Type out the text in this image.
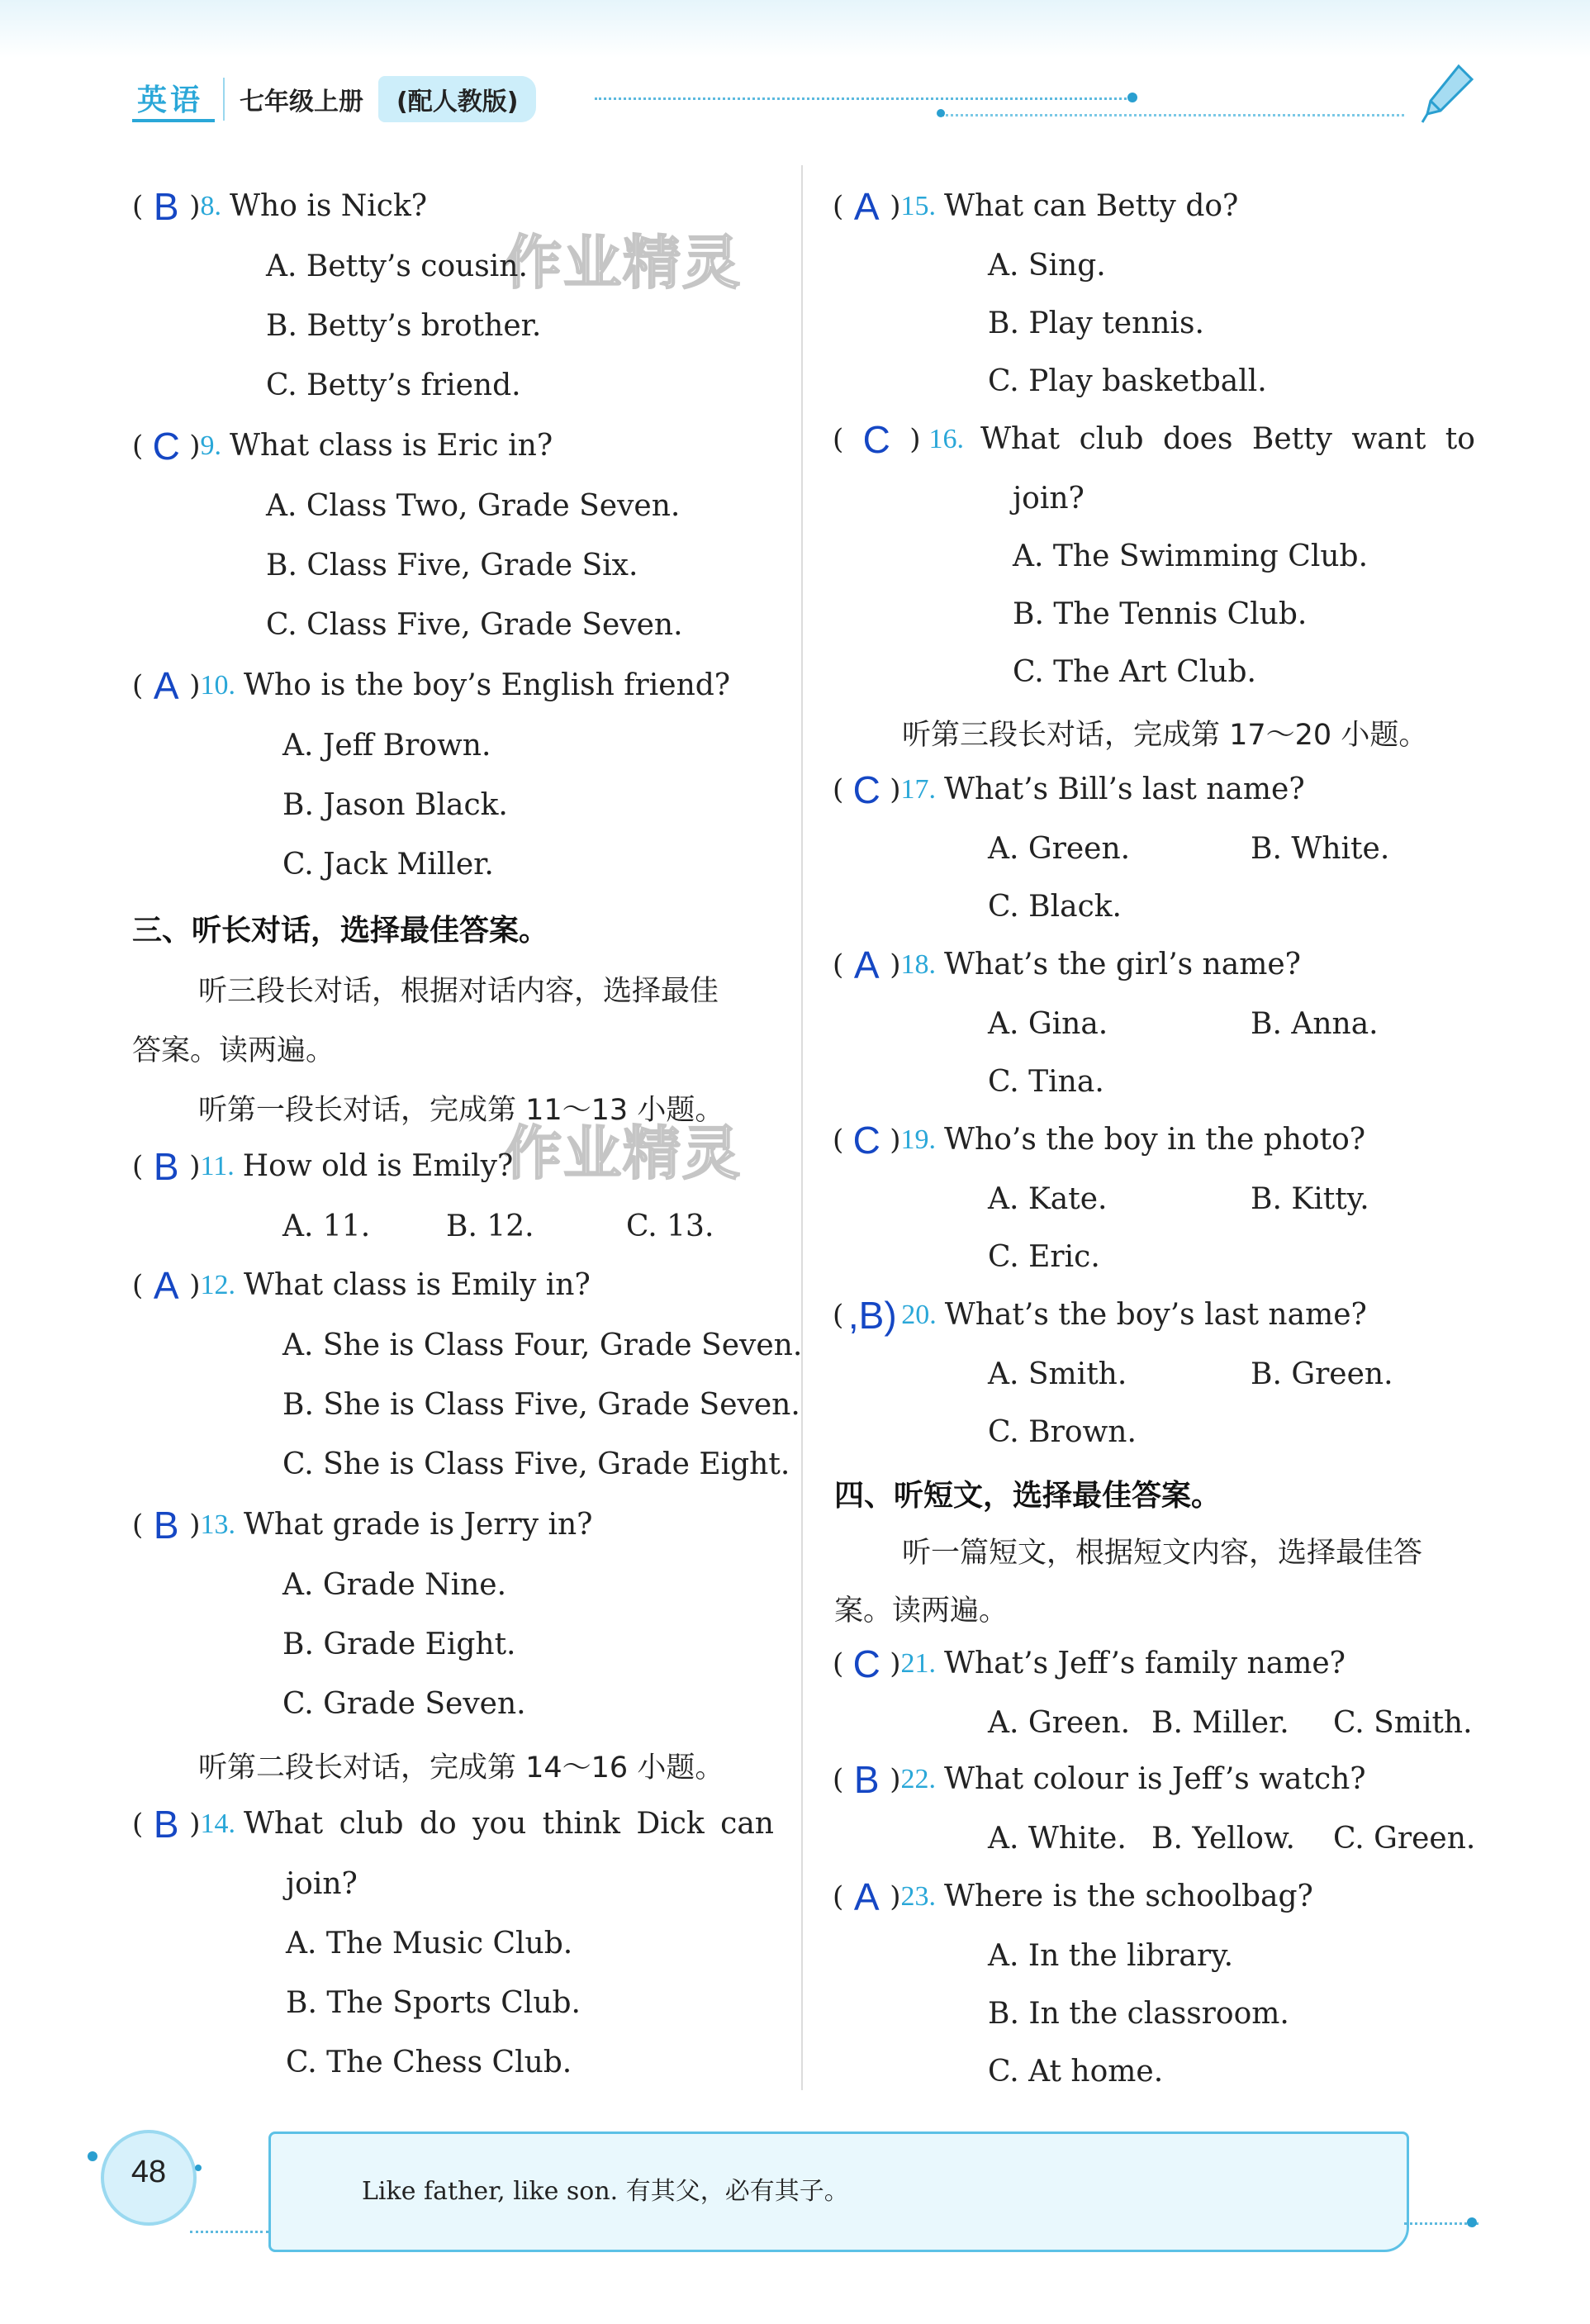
英语	七年级上册	(配人教版)
作业精灵
作业精灵
( B ) 8. Who is Nick?
A. Betty’s cousin.
B. Betty’s brother.
C. Betty’s friend.
( C ) 9. What class is Eric in?
A. Class Two, Grade Seven.
B. Class Five, Grade Six.
C. Class Five, Grade Seven.
( A ) 10. Who is the boy’s English friend?
A. Jeff Brown.
B. Jason Black.
C. Jack Miller.
三、听长对话，选择最佳答案。
听三段长对话，根据对话内容，选择最佳
答案。读两遍。
听第一段长对话，完成第 11～13 小题。
( B ) 11. How old is Emily?
A. 11.	B. 12.	C. 13.
( A ) 12. What class is Emily in?
A. She is Class Four, Grade Seven.
B. She is Class Five, Grade Seven.
C. She is Class Five, Grade Eight.
( B ) 13. What grade is Jerry in?
A. Grade Nine.
B. Grade Eight.
C. Grade Seven.
听第二段长对话，完成第 14～16 小题。
( B ) 14. What club do you think Dick can
join?
A. The Music Club.
B. The Sports Club.
C. The Chess Club.
( A ) 15. What can Betty do?
A. Sing.
B. Play tennis.
C. Play basketball.
( C ) 16. What club does Betty want to
join?
A. The Swimming Club.
B. The Tennis Club.
C. The Art Club.
听第三段长对话，完成第 17～20 小题。
( C ) 17. What’s Bill’s last name?
A. Green.	B. White.
C. Black.
( A ) 18. What’s the girl’s name?
A. Gina.	B. Anna.
C. Tina.
( C ) 19. Who’s the boy in the photo?
A. Kate.	B. Kitty.
C. Eric.
( ,B) 20. What’s the boy’s last name?
A. Smith.	B. Green.
C. Brown.
四、听短文，选择最佳答案。
听一篇短文，根据短文内容，选择最佳答
案。读两遍。
( C ) 21. What’s Jeff’s family name?
A. Green. B. Miller. C. Smith.
( B ) 22. What colour is Jeff’s watch?
A. White. B. Yellow. C. Green.
( A ) 23. Where is the schoolbag?
A. In the library.
B. In the classroom.
C. At home.
48
Like father, like son. 有其父，必有其子。
